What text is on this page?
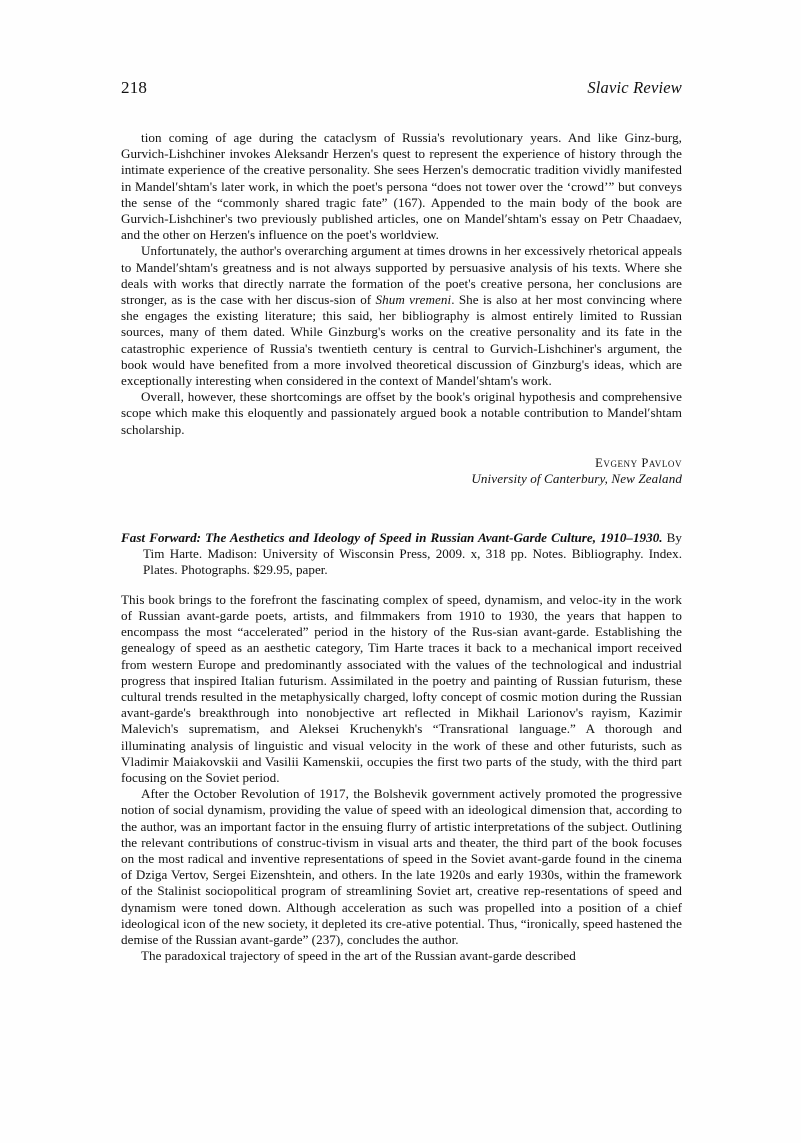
218	Slavic Review

tion coming of age during the cataclysm of Russia's revolutionary years. And like Ginz-burg, Gurvich-Lishchiner invokes Aleksandr Herzen's quest to represent the experience of history through the intimate experience of the creative personality. She sees Herzen's democratic tradition vividly manifested in Mandel′shtam's later work, in which the poet's persona “does not tower over the ‘crowd’” but conveys the sense of the “commonly shared tragic fate” (167). Appended to the main body of the book are Gurvich-Lishchiner's two previously published articles, one on Mandel′shtam's essay on Petr Chaadaev, and the other on Herzen's influence on the poet's worldview.

Unfortunately, the author's overarching argument at times drowns in her excessively rhetorical appeals to Mandel′shtam's greatness and is not always supported by persuasive analysis of his texts. Where she deals with works that directly narrate the formation of the poet's creative persona, her conclusions are stronger, as is the case with her discus-sion of Shum vremeni. She is also at her most convincing where she engages the existing literature; this said, her bibliography is almost entirely limited to Russian sources, many of them dated. While Ginzburg's works on the creative personality and its fate in the catastrophic experience of Russia's twentieth century is central to Gurvich-Lishchiner's argument, the book would have benefited from a more involved theoretical discussion of Ginzburg's ideas, which are exceptionally interesting when considered in the context of Mandel′shtam's work.

Overall, however, these shortcomings are offset by the book's original hypothesis and comprehensive scope which make this eloquently and passionately argued book a notable contribution to Mandel′shtam scholarship.

Evgeny Pavlov
University of Canterbury, New Zealand

Fast Forward: The Aesthetics and Ideology of Speed in Russian Avant-Garde Culture, 1910–1930. By Tim Harte. Madison: University of Wisconsin Press, 2009. x, 318 pp. Notes. Bibliography. Index. Plates. Photographs. $29.95, paper.

This book brings to the forefront the fascinating complex of speed, dynamism, and veloc-ity in the work of Russian avant-garde poets, artists, and filmmakers from 1910 to 1930, the years that happen to encompass the most “accelerated” period in the history of the Rus-sian avant-garde. Establishing the genealogy of speed as an aesthetic category, Tim Harte traces it back to a mechanical import received from western Europe and predominantly associated with the values of the technological and industrial progress that inspired Italian futurism. Assimilated in the poetry and painting of Russian futurism, these cultural trends resulted in the metaphysically charged, lofty concept of cosmic motion during the Russian avant-garde's breakthrough into nonobjective art reflected in Mikhail Larionov's rayism, Kazimir Malevich's suprematism, and Aleksei Kruchenykh's “Transrational language.” A thorough and illuminating analysis of linguistic and visual velocity in the work of these and other futurists, such as Vladimir Maiakovskii and Vasilii Kamenskii, occupies the first two parts of the study, with the third part focusing on the Soviet period.

After the October Revolution of 1917, the Bolshevik government actively promoted the progressive notion of social dynamism, providing the value of speed with an ideological dimension that, according to the author, was an important factor in the ensuing flurry of artistic interpretations of the subject. Outlining the relevant contributions of construc-tivism in visual arts and theater, the third part of the book focuses on the most radical and inventive representations of speed in the Soviet avant-garde found in the cinema of Dziga Vertov, Sergei Eizenshtein, and others. In the late 1920s and early 1930s, within the framework of the Stalinist sociopolitical program of streamlining Soviet art, creative rep-resentations of speed and dynamism were toned down. Although acceleration as such was propelled into a position of a chief ideological icon of the new society, it depleted its cre-ative potential. Thus, “ironically, speed hastened the demise of the Russian avant-garde” (237), concludes the author.

The paradoxical trajectory of speed in the art of the Russian avant-garde described
